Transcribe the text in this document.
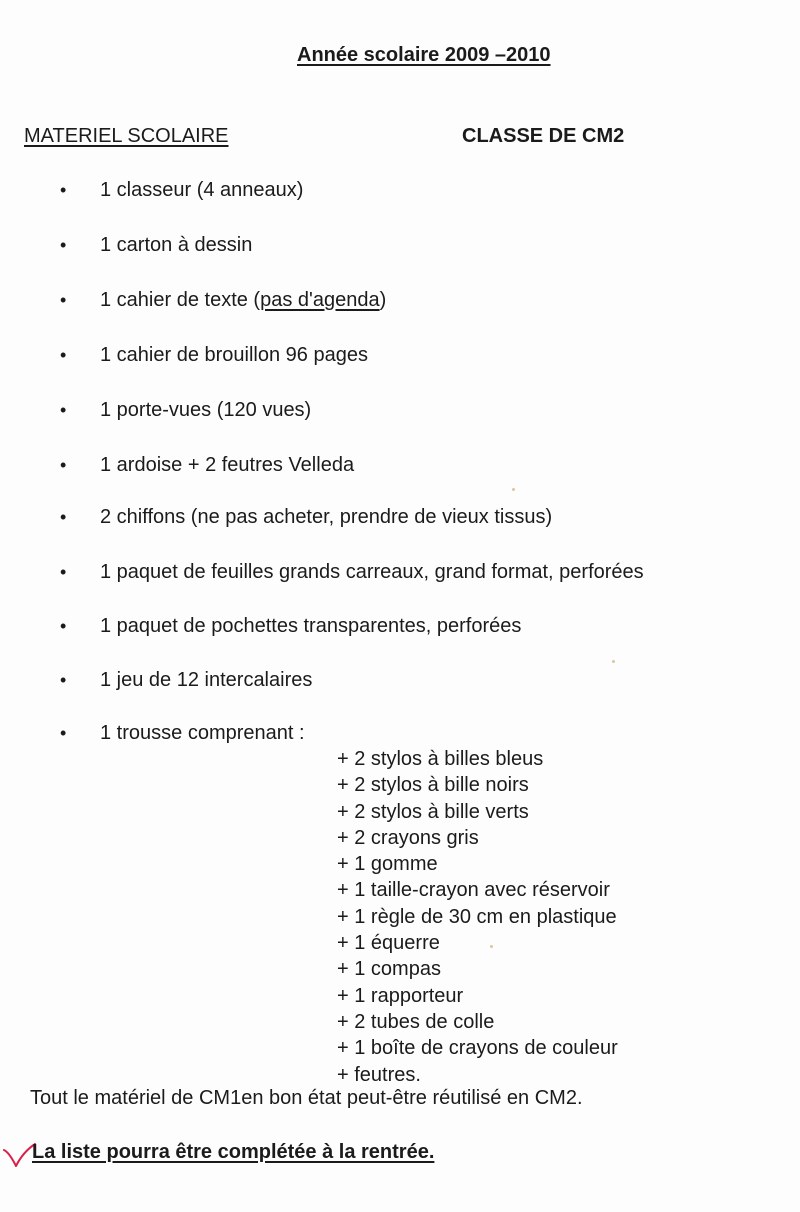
Année scolaire 2009 –2010
MATERIEL SCOLAIRE	CLASSE DE CM2
• 1 classeur (4 anneaux)
• 1 carton à dessin
• 1 cahier de texte (pas d'agenda)
• 1 cahier de brouillon 96 pages
• 1 porte-vues (120 vues)
• 1 ardoise + 2 feutres Velleda
• 2 chiffons (ne pas acheter, prendre de vieux tissus)
• 1 paquet de feuilles grands carreaux, grand format, perforées
• 1 paquet de pochettes transparentes, perforées
• 1 jeu de 12 intercalaires
• 1 trousse comprenant :
+ 2 stylos à billes bleus
+ 2 stylos à bille noirs
+ 2 stylos à bille verts
+ 2 crayons gris
+ 1 gomme
+ 1 taille-crayon avec réservoir
+ 1 règle de 30 cm en plastique
+ 1 équerre
+ 1 compas
+ 1 rapporteur
+ 2 tubes de colle
+ 1 boîte de crayons de couleur
+ feutres.
Tout le matériel de CM1en bon état peut-être réutilisé en CM2.
La liste pourra être complétée à la rentrée.
